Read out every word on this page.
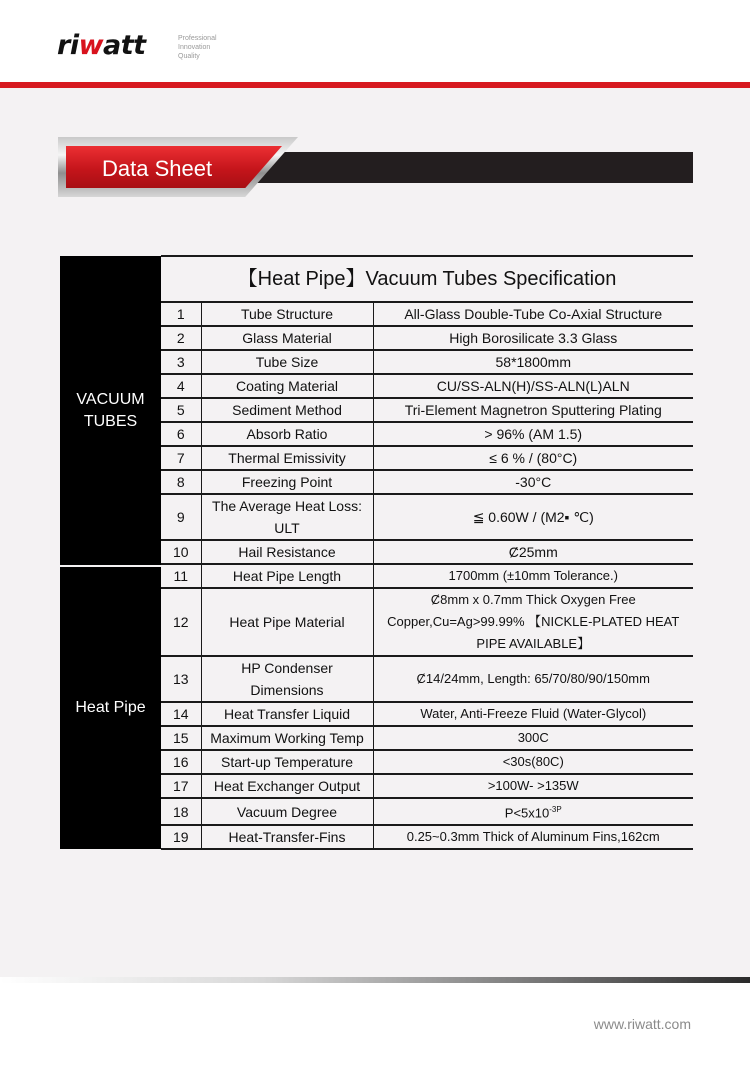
riwatt	Professional
Innovation
Quality
Data Sheet
VACUUM TUBES
Heat Pipe
【Heat Pipe】Vacuum Tubes Specification		
1	Tube Structure	All-Glass Double-Tube Co-Axial Structure
2	Glass Material	High Borosilicate 3.3 Glass
3	Tube Size	58*1800mm
4	Coating Material	CU/SS-ALN(H)/SS-ALN(L)ALN
5	Sediment Method	Tri-Element Magnetron Sputtering Plating
6	Absorb Ratio	> 96% (AM 1.5)
7	Thermal Emissivity	≤ 6 % / (80°C)
8	Freezing Point	-30°C
9	The Average Heat Loss: ULT	≦ 0.60W / (M2▪ ℃)
10	Hail Resistance	Ȼ25mm
11	Heat Pipe Length	1700mm (±10mm Tolerance.)
12	Heat Pipe Material	Ȼ8mm x 0.7mm Thick Oxygen Free Copper,Cu=Ag>99.99% 【NICKLE-PLATED HEAT PIPE AVAILABLE】
13	HP Condenser Dimensions	Ȼ14/24mm, Length: 65/70/80/90/150mm
14	Heat Transfer Liquid	Water, Anti-Freeze Fluid (Water-Glycol)
15	Maximum Working Temp	300C
16	Start-up Temperature	<30s(80C)
17	Heat Exchanger Output	>100W- >135W
18	Vacuum Degree	$P<5x10^{-3P}$
19	Heat-Transfer-Fins	0.25~0.3mm Thick of Aluminum Fins,162cm
www.riwatt.com
